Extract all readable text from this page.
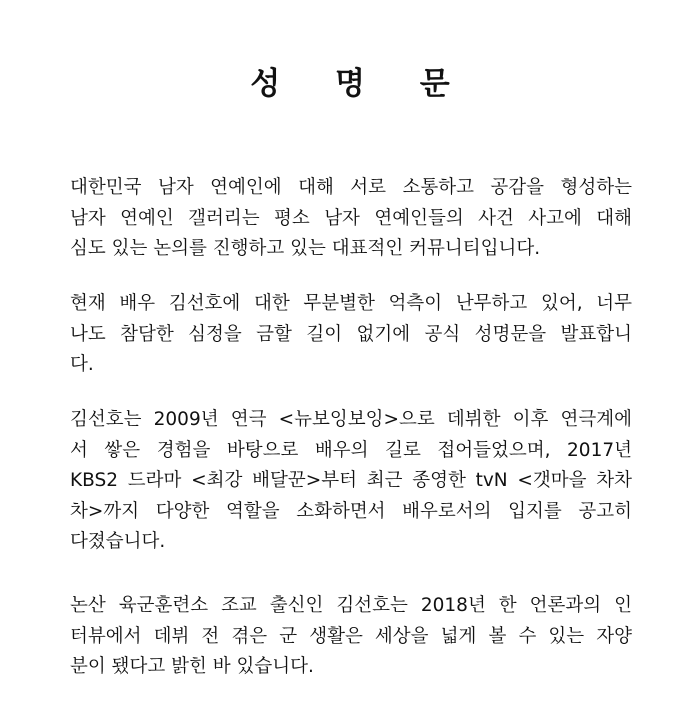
성 명 문
대한민국 남자 연예인에 대해 서로 소통하고 공감을 형성하는
남자 연예인 갤러리는 평소 남자 연예인들의 사건 사고에 대해
심도 있는 논의를 진행하고 있는 대표적인 커뮤니티입니다.
현재 배우 김선호에 대한 무분별한 억측이 난무하고 있어, 너무
나도 참담한 심정을 금할 길이 없기에 공식 성명문을 발표합니
다.
김선호는 2009년 연극 <뉴보잉보잉>으로 데뷔한 이후 연극계에
서 쌓은 경험을 바탕으로 배우의 길로 접어들었으며, 2017년
KBS2 드라마 <최강 배달꾼>부터 최근 종영한 tvN <갯마을 차차
차>까지 다양한 역할을 소화하면서 배우로서의 입지를 공고히
다졌습니다.
논산 육군훈련소 조교 출신인 김선호는 2018년 한 언론과의 인
터뷰에서 데뷔 전 겪은 군 생활은 세상을 넓게 볼 수 있는 자양
분이 됐다고 밝힌 바 있습니다.
